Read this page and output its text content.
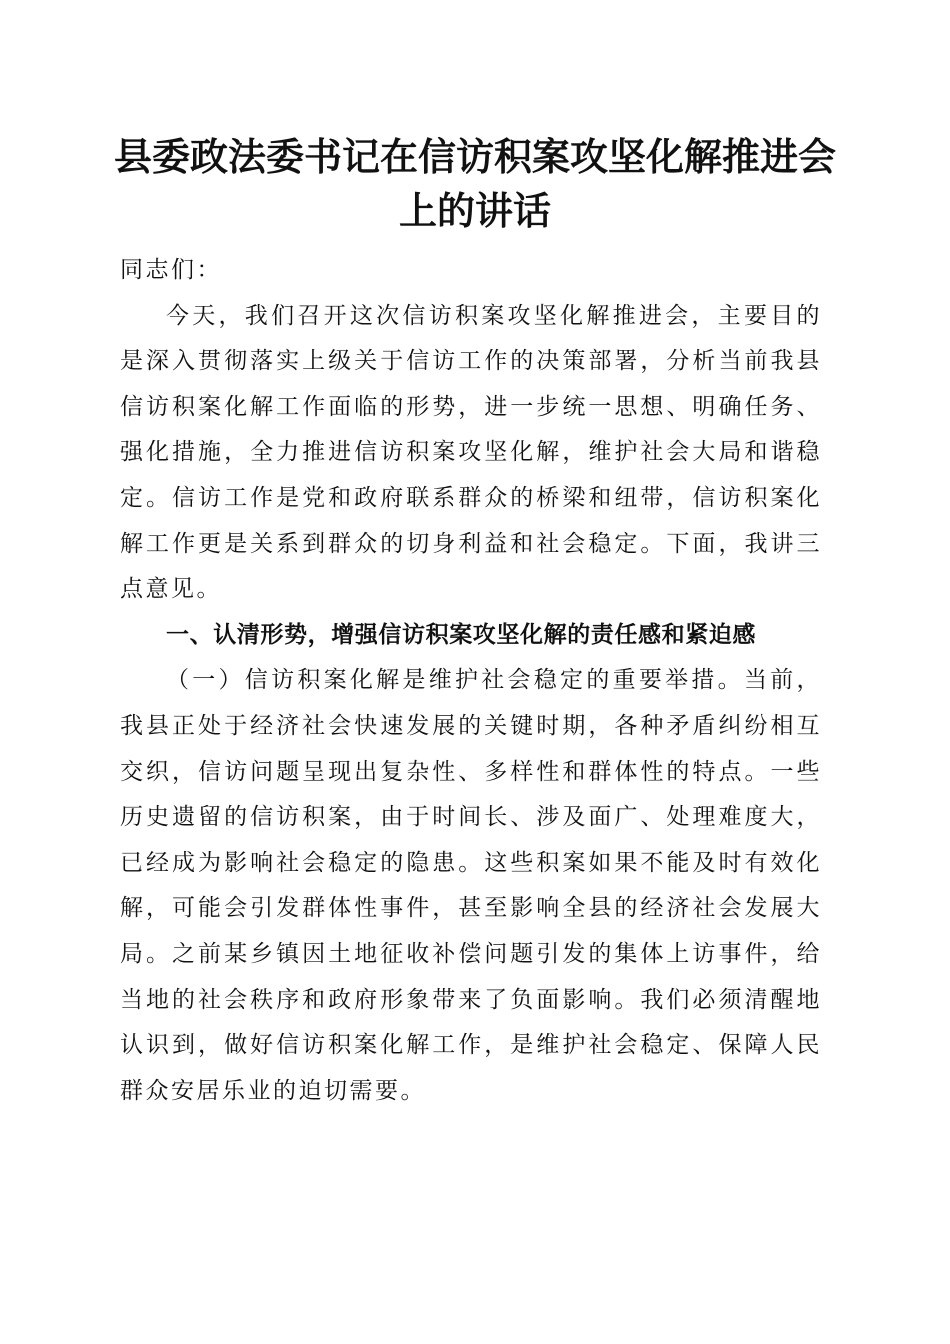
县委政法委书记在信访积案攻坚化解推进会上的讲话

同志们：

今天，我们召开这次信访积案攻坚化解推进会，主要目的是深入贯彻落实上级关于信访工作的决策部署，分析当前我县信访积案化解工作面临的形势，进一步统一思想、明确任务、强化措施，全力推进信访积案攻坚化解，维护社会大局和谐稳定。信访工作是党和政府联系群众的桥梁和纽带，信访积案化解工作更是关系到群众的切身利益和社会稳定。下面，我讲三点意见。

一、认清形势，增强信访积案攻坚化解的责任感和紧迫感

（一）信访积案化解是维护社会稳定的重要举措。当前，我县正处于经济社会快速发展的关键时期，各种矛盾纠纷相互交织，信访问题呈现出复杂性、多样性和群体性的特点。一些历史遗留的信访积案，由于时间长、涉及面广、处理难度大，已经成为影响社会稳定的隐患。这些积案如果不能及时有效化解，可能会引发群体性事件，甚至影响全县的经济社会发展大局。之前某乡镇因土地征收补偿问题引发的集体上访事件，给当地的社会秩序和政府形象带来了负面影响。我们必须清醒地认识到，做好信访积案化解工作，是维护社会稳定、保障人民群众安居乐业的迫切需要。
